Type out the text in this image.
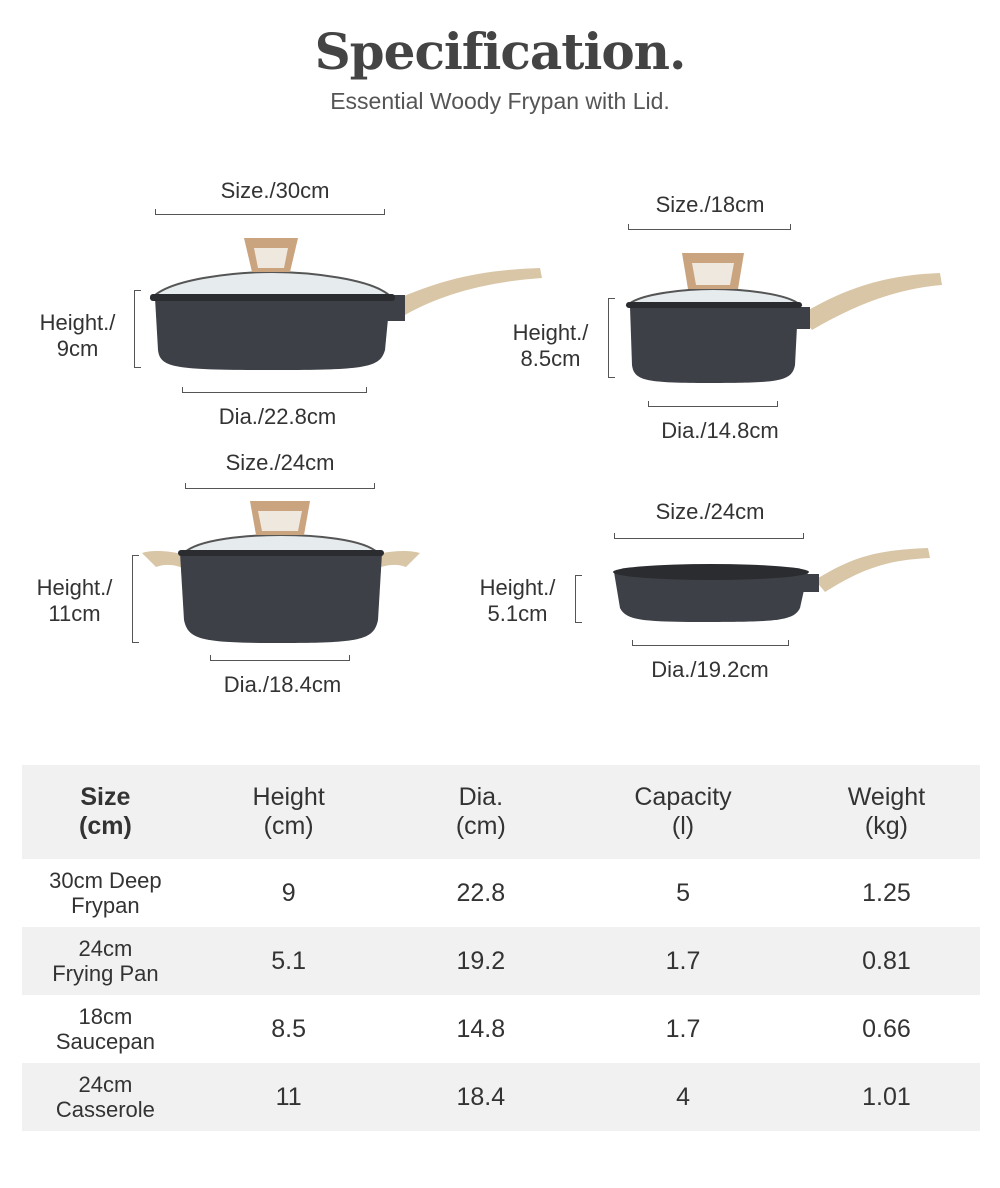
Specification.
Essential Woody Frypan with Lid.
Size./30cm
Height./
9cm
Dia./22.8cm
Size./18cm
Height./
8.5cm
Dia./14.8cm
Size./24cm
Height./
11cm
Dia./18.4cm
Size./24cm
Height./
5.1cm
Dia./19.2cm
Size
(cm)	Height
(cm)	Dia.
(cm)	Capacity
(l)	Weight
(kg)
30cm Deep
Frypan	9	22.8	5	1.25
24cm
Frying Pan	5.1	19.2	1.7	0.81
18cm
Saucepan	8.5	14.8	1.7	0.66
24cm
Casserole	11	18.4	4	1.01
